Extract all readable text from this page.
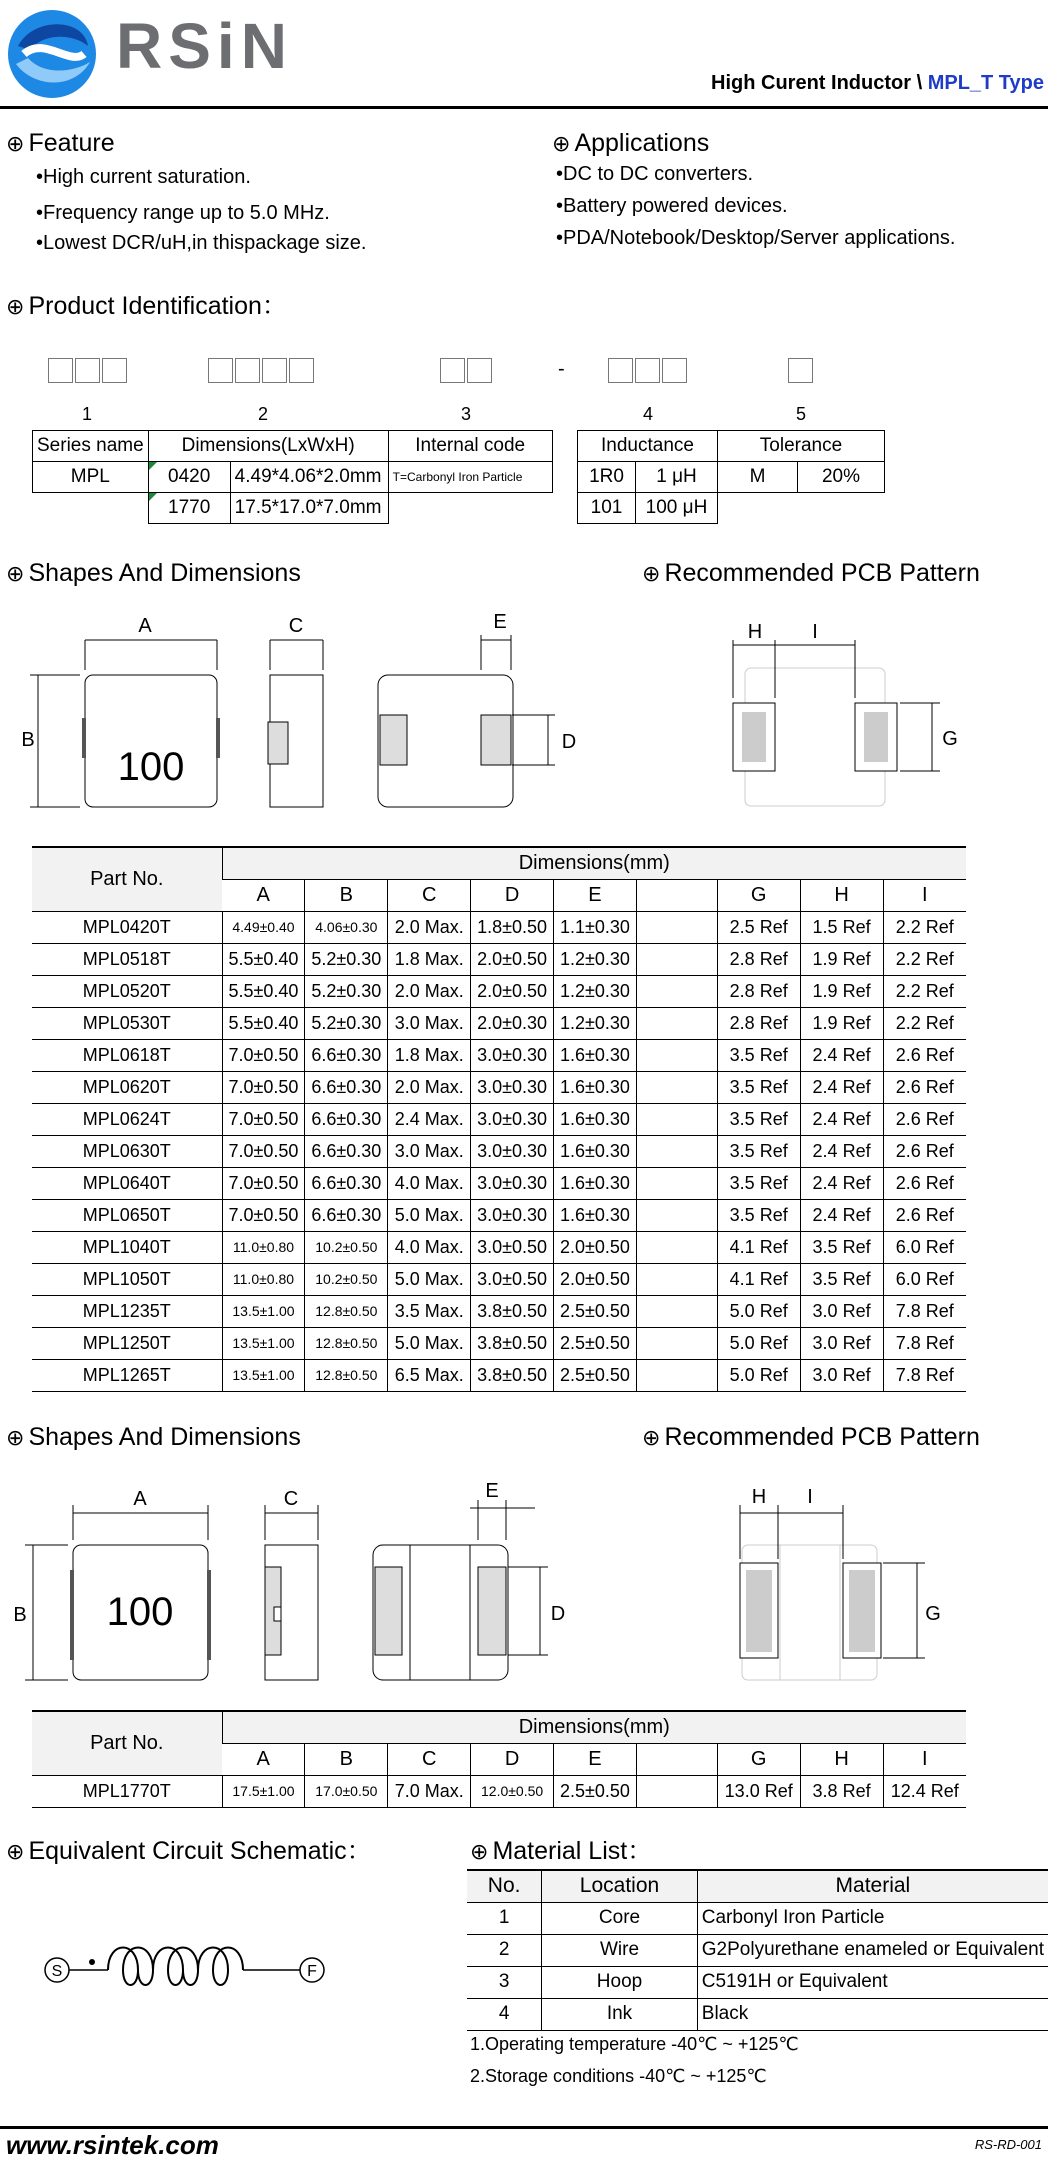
RSiN
High Curent Inductor \ MPL_T Type
⊕ Feature
•High current saturation.
•Frequency range up to 5.0 MHz.
•Lowest DCR/uH,in thispackage size.
⊕ Applications
•DC to DC converters.
•Battery powered devices.
•PDA/Notebook/Desktop/Server applications.
⊕ Product Identification：
-
1	2	3	4	5
Series name	Dimensions(LxWxH)		Internal code
MPL	0420	4.49*4.06*2.0mm	T=Carbonyl Iron Particle
	1770	17.5*17.0*7.0mm	
Inductance		Tolerance	
1R0	1 μH	M	20%
101	100 μH		
⊕ Shapes And Dimensions	⊕ Recommended PCB Pattern
100
A
B
C
D
E
G
H I
Part No.	Dimensions(mm)								
	A	B	C	D	E		G	H	I
MPL0420T	4.49±0.40	4.06±0.30	2.0 Max.	1.8±0.50	1.1±0.30		2.5 Ref	1.5 Ref	2.2 Ref
MPL0518T	5.5±0.40	5.2±0.30	1.8 Max.	2.0±0.50	1.2±0.30		2.8 Ref	1.9 Ref	2.2 Ref
MPL0520T	5.5±0.40	5.2±0.30	2.0 Max.	2.0±0.50	1.2±0.30		2.8 Ref	1.9 Ref	2.2 Ref
MPL0530T	5.5±0.40	5.2±0.30	3.0 Max.	2.0±0.30	1.2±0.30		2.8 Ref	1.9 Ref	2.2 Ref
MPL0618T	7.0±0.50	6.6±0.30	1.8 Max.	3.0±0.30	1.6±0.30		3.5 Ref	2.4 Ref	2.6 Ref
MPL0620T	7.0±0.50	6.6±0.30	2.0 Max.	3.0±0.30	1.6±0.30		3.5 Ref	2.4 Ref	2.6 Ref
MPL0624T	7.0±0.50	6.6±0.30	2.4 Max.	3.0±0.30	1.6±0.30		3.5 Ref	2.4 Ref	2.6 Ref
MPL0630T	7.0±0.50	6.6±0.30	3.0 Max.	3.0±0.30	1.6±0.30		3.5 Ref	2.4 Ref	2.6 Ref
MPL0640T	7.0±0.50	6.6±0.30	4.0 Max.	3.0±0.30	1.6±0.30		3.5 Ref	2.4 Ref	2.6 Ref
MPL0650T	7.0±0.50	6.6±0.30	5.0 Max.	3.0±0.30	1.6±0.30		3.5 Ref	2.4 Ref	2.6 Ref
MPL1040T	11.0±0.80	10.2±0.50	4.0 Max.	3.0±0.50	2.0±0.50		4.1 Ref	3.5 Ref	6.0 Ref
MPL1050T	11.0±0.80	10.2±0.50	5.0 Max.	3.0±0.50	2.0±0.50		4.1 Ref	3.5 Ref	6.0 Ref
MPL1235T	13.5±1.00	12.8±0.50	3.5 Max.	3.8±0.50	2.5±0.50		5.0 Ref	3.0 Ref	7.8 Ref
MPL1250T	13.5±1.00	12.8±0.50	5.0 Max.	3.8±0.50	2.5±0.50		5.0 Ref	3.0 Ref	7.8 Ref
MPL1265T	13.5±1.00	12.8±0.50	6.5 Max.	3.8±0.50	2.5±0.50		5.0 Ref	3.0 Ref	7.8 Ref
⊕ Shapes And Dimensions	⊕ Recommended PCB Pattern
100
A
B
C
D
E
G
H I
Part No.	Dimensions(mm)								
	A	B	C	D	E		G	H	I
MPL1770T	17.5±1.00	17.0±0.50	7.0 Max.	12.0±0.50	2.5±0.50		13.0 Ref	3.8 Ref	12.4 Ref
⊕ Equivalent Circuit Schematic：
S	F
⊕ Material List：
No.	Location	Material
1	Core	Carbonyl Iron Particle
2	Wire	G2Polyurethane enameled or Equivalent
3	Hoop	C5191H or Equivalent
4	Ink	Black
1.Operating temperature -40℃ ~ +125℃
2.Storage conditions -40℃ ~ +125℃
www.rsintek.com	RS-RD-001
